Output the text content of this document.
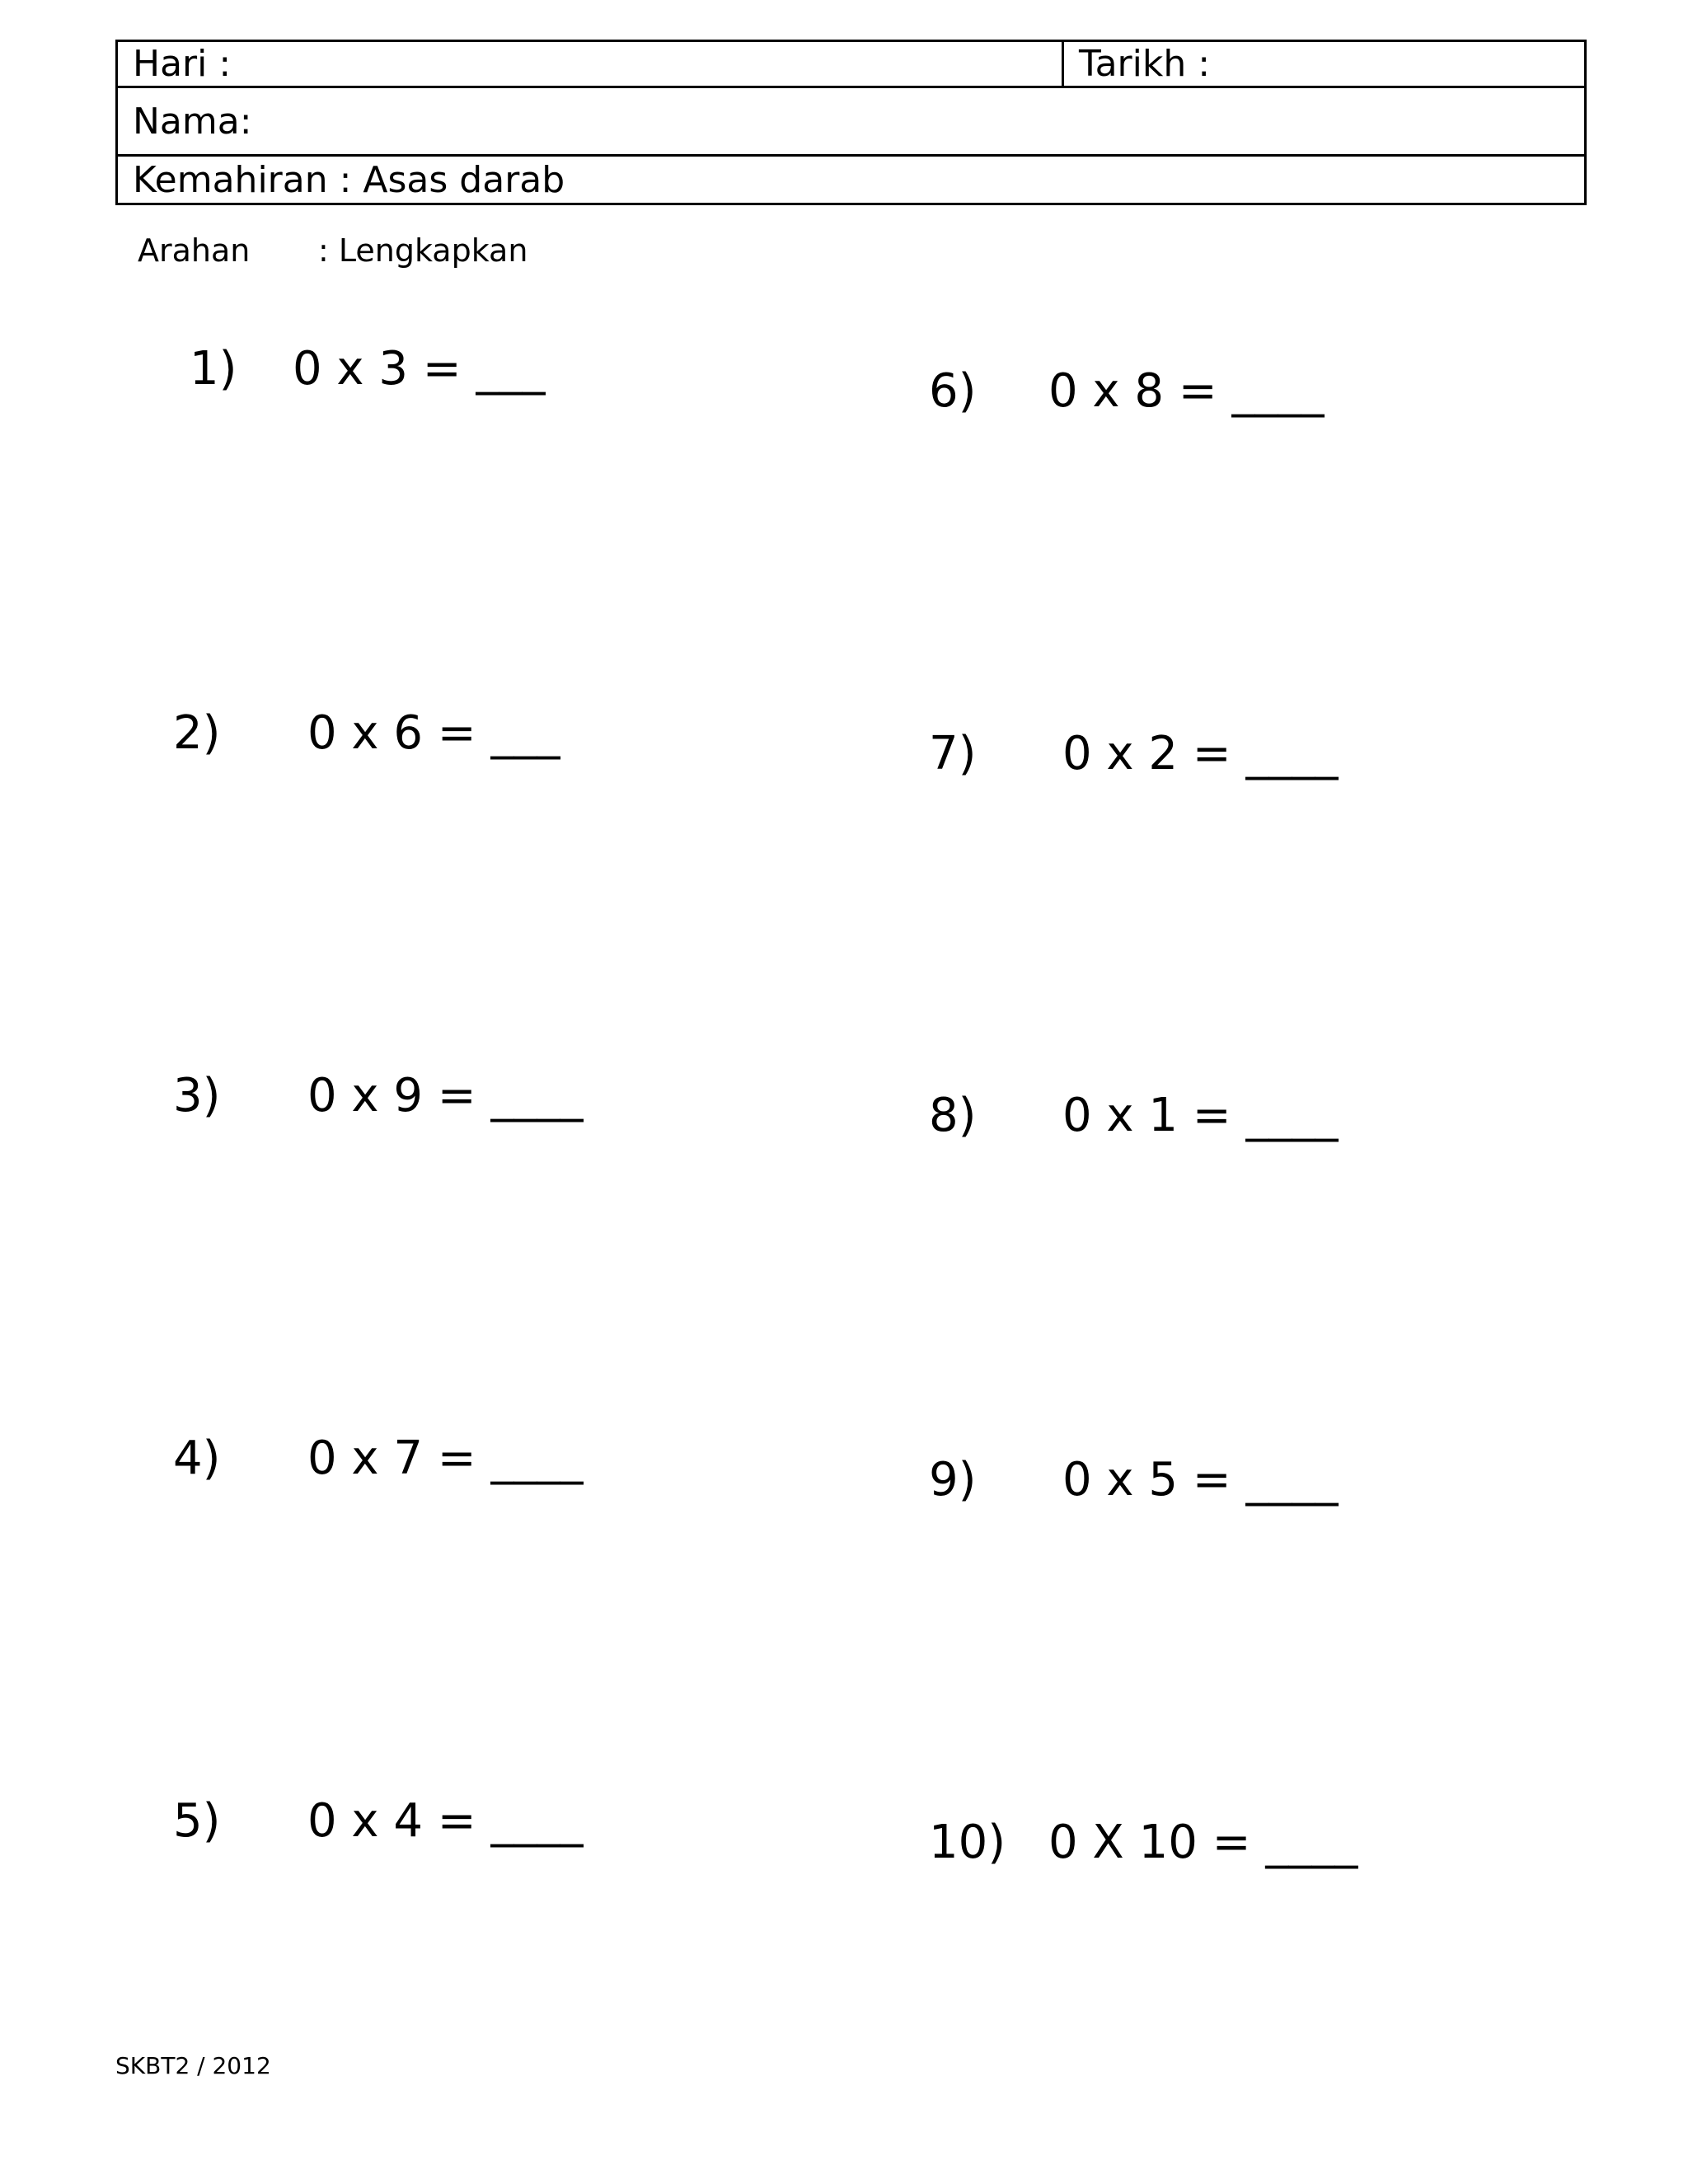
Hari :	Tarikh :
Nama:
Kemahiran : Asas darab
Arahan : Lengkapkan
1) 0 x 3 = ___
2) 0 x 6 = ___
3) 0 x 9 = ____
4) 0 x 7 = ____
5) 0 x 4 = ____
6) 0 x 8 = ____
7) 0 x 2 = ____
8) 0 x 1 = ____
9) 0 x 5 = ____
10) 0 X 10 = ____
SKBT2 / 2012
